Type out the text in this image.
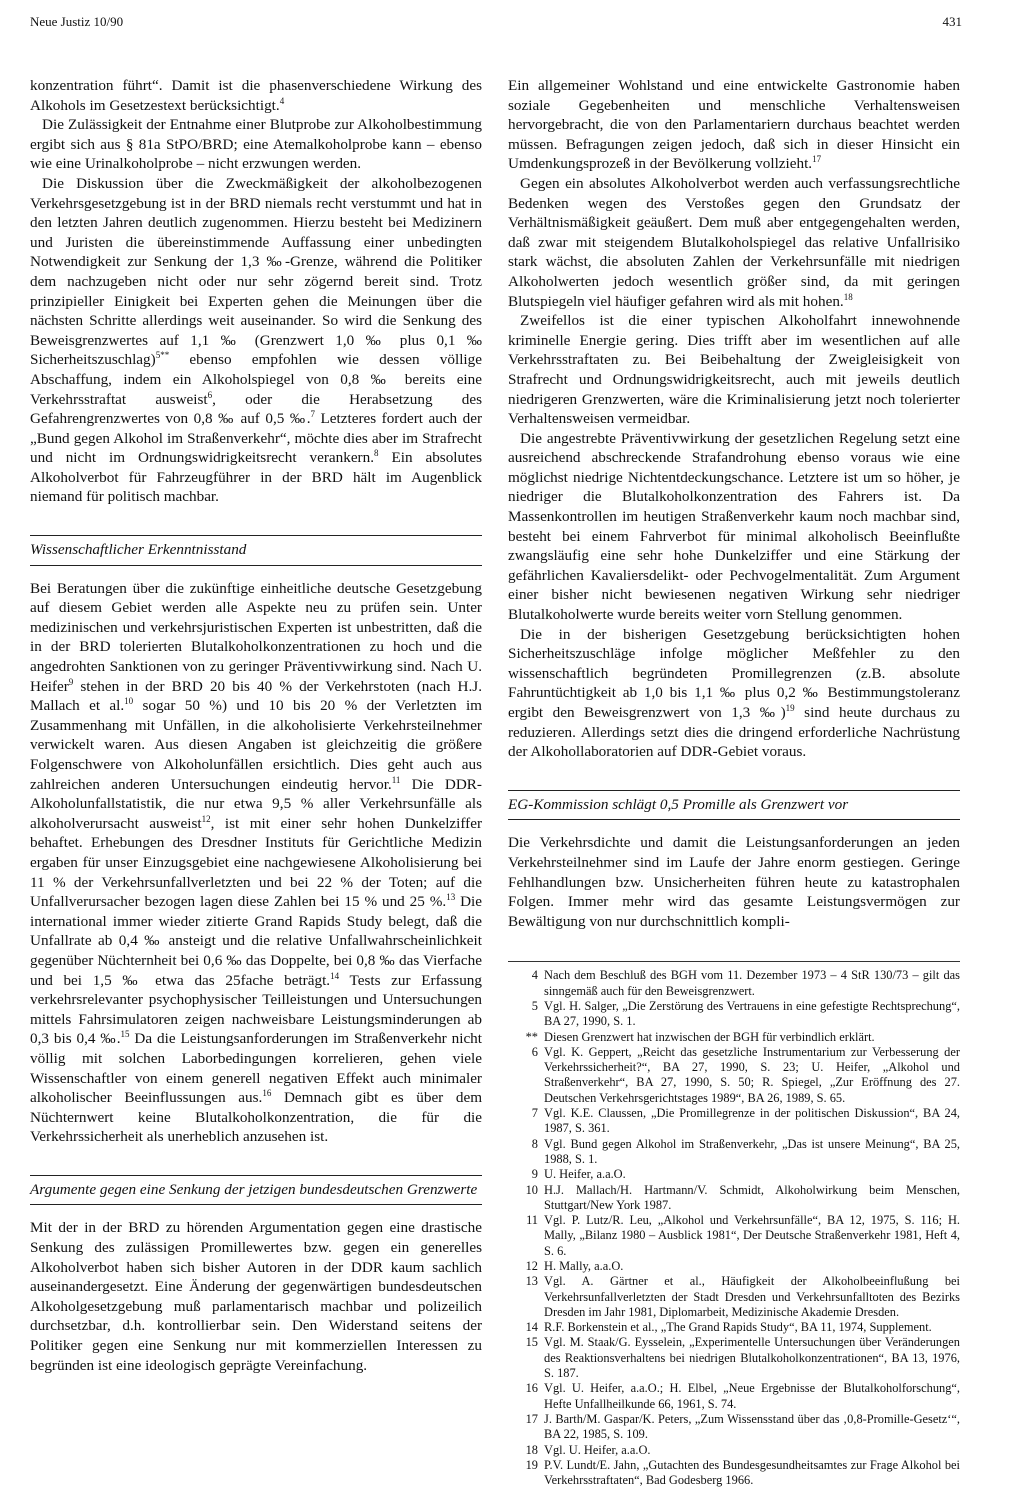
Neue Justiz 10/90	431

konzentration führt“. Damit ist die phasenverschiedene Wirkung des Alkohols im Gesetzestext berücksichtigt.$^4$

Die Zulässigkeit der Entnahme einer Blutprobe zur Alkoholbestimmung ergibt sich aus § 81a StPO/BRD; eine Atemalkoholprobe kann – ebenso wie eine Urinalkoholprobe – nicht erzwungen werden.

Die Diskussion über die Zweckmäßigkeit der alkoholbezogenen Verkehrsgesetzgebung ist in der BRD niemals recht verstummt und hat in den letzten Jahren deutlich zugenommen. Hierzu besteht bei Medizinern und Juristen die übereinstimmende Auffassung einer unbedingten Notwendigkeit zur Senkung der 1,3 ‰-Grenze, während die Politiker dem nachzugeben nicht oder nur sehr zögernd bereit sind. Trotz prinzipieller Einigkeit bei Experten gehen die Meinungen über die nächsten Schritte allerdings weit auseinander. So wird die Senkung des Beweisgrenzwertes auf 1,1 ‰ (Grenzwert 1,0 ‰ plus 0,1 ‰ Sicherheitszuschlag)$^{5**}$ ebenso empfohlen wie dessen völlige Abschaffung, indem ein Alkoholspiegel von 0,8 ‰ bereits eine Verkehrsstraftat ausweist$^6$, oder die Herabsetzung des Gefahrengrenzwertes von 0,8 ‰ auf 0,5 ‰.$^7$ Letzteres fordert auch der „Bund gegen Alkohol im Straßenverkehr“, möchte dies aber im Strafrecht und nicht im Ordnungswidrigkeitsrecht verankern.$^8$ Ein absolutes Alkoholverbot für Fahrzeugführer in der BRD hält im Augenblick niemand für politisch machbar.

Wissenschaftlicher Erkenntnisstand

Bei Beratungen über die zukünftige einheitliche deutsche Gesetzgebung auf diesem Gebiet werden alle Aspekte neu zu prüfen sein. Unter medizinischen und verkehrsjuristischen Experten ist unbestritten, daß die in der BRD tolerierten Blutalkoholkonzentrationen zu hoch und die angedrohten Sanktionen von zu geringer Präventivwirkung sind. Nach U. Heifer$^9$ stehen in der BRD 20 bis 40 % der Verkehrstoten (nach H.J. Mallach et al.$^{10}$ sogar 50 %) und 10 bis 20 % der Verletzten im Zusammenhang mit Unfällen, in die alkoholisierte Verkehrsteilnehmer verwickelt waren. Aus diesen Angaben ist gleichzeitig die größere Folgenschwere von Alkoholunfällen ersichtlich. Dies geht auch aus zahlreichen anderen Untersuchungen eindeutig hervor.$^{11}$ Die DDR-Alkoholunfallstatistik, die nur etwa 9,5 % aller Verkehrsunfälle als alkoholverursacht ausweist$^{12}$, ist mit einer sehr hohen Dunkelziffer behaftet. Erhebungen des Dresdner Instituts für Gerichtliche Medizin ergaben für unser Einzugsgebiet eine nachgewiesene Alkoholisierung bei 11 % der Verkehrsunfallverletzten und bei 22 % der Toten; auf die Unfallverursacher bezogen lagen diese Zahlen bei 15 % und 25 %.$^{13}$ Die international immer wieder zitierte Grand Rapids Study belegt, daß die Unfallrate ab 0,4 ‰ ansteigt und die relative Unfallwahrscheinlichkeit gegenüber Nüchternheit bei 0,6 ‰ das Doppelte, bei 0,8 ‰ das Vierfache und bei 1,5 ‰ etwa das 25fache beträgt.$^{14}$ Tests zur Erfassung verkehrsrelevanter psychophysischer Teilleistungen und Untersuchungen mittels Fahrsimulatoren zeigen nachweisbare Leistungsminderungen ab 0,3 bis 0,4 ‰.$^{15}$ Da die Leistungsanforderungen im Straßenverkehr nicht völlig mit solchen Laborbedingungen korrelieren, gehen viele Wissenschaftler von einem generell negativen Effekt auch minimaler alkoholischer Beeinflussungen aus.$^{16}$ Demnach gibt es über dem Nüchternwert keine Blutalkoholkonzentration, die für die Verkehrssicherheit als unerheblich anzusehen ist.

Argumente gegen eine Senkung der jetzigen bundesdeutschen Grenzwerte

Mit der in der BRD zu hörenden Argumentation gegen eine drastische Senkung des zulässigen Promillewertes bzw. gegen ein generelles Alkoholverbot haben sich bisher Autoren in der DDR kaum sachlich auseinandergesetzt. Eine Änderung der gegenwärtigen bundesdeutschen Alkoholgesetzgebung muß parlamentarisch machbar und polizeilich durchsetzbar, d.h. kontrollierbar sein. Den Widerstand seitens der Politiker gegen eine Senkung nur mit kommerziellen Interessen zu begründen ist eine ideologisch geprägte Vereinfachung.

Ein allgemeiner Wohlstand und eine entwickelte Gastronomie haben soziale Gegebenheiten und menschliche Verhaltensweisen hervorgebracht, die von den Parlamentariern durchaus beachtet werden müssen. Befragungen zeigen jedoch, daß sich in dieser Hinsicht ein Umdenkungsprozeß in der Bevölkerung vollzieht.$^{17}$

Gegen ein absolutes Alkoholverbot werden auch verfassungsrechtliche Bedenken wegen des Verstoßes gegen den Grundsatz der Verhältnismäßigkeit geäußert. Dem muß aber entgegengehalten werden, daß zwar mit steigendem Blutalkoholspiegel das relative Unfallrisiko stark wächst, die absoluten Zahlen der Verkehrsunfälle mit niedrigen Alkoholwerten jedoch wesentlich größer sind, da mit geringen Blutspiegeln viel häufiger gefahren wird als mit hohen.$^{18}$

Zweifellos ist die einer typischen Alkoholfahrt innewohnende kriminelle Energie gering. Dies trifft aber im wesentlichen auf alle Verkehrsstraftaten zu. Bei Beibehaltung der Zweigleisigkeit von Strafrecht und Ordnungswidrigkeitsrecht, auch mit jeweils deutlich niedrigeren Grenzwerten, wäre die Kriminalisierung jetzt noch tolerierter Verhaltensweisen vermeidbar.

Die angestrebte Präventivwirkung der gesetzlichen Regelung setzt eine ausreichend abschreckende Strafandrohung ebenso voraus wie eine möglichst niedrige Nichtentdeckungschance. Letztere ist um so höher, je niedriger die Blutalkoholkonzentration des Fahrers ist. Da Massenkontrollen im heutigen Straßenverkehr kaum noch machbar sind, besteht bei einem Fahrverbot für minimal alkoholisch Beeinflußte zwangsläufig eine sehr hohe Dunkelziffer und eine Stärkung der gefährlichen Kavaliersdelikt- oder Pechvogelmentalität. Zum Argument einer bisher nicht bewiesenen negativen Wirkung sehr niedriger Blutalkoholwerte wurde bereits weiter vorn Stellung genommen.

Die in der bisherigen Gesetzgebung berücksichtigten hohen Sicherheitszuschläge infolge möglicher Meßfehler zu den wissenschaftlich begründeten Promillegrenzen (z.B. absolute Fahruntüchtigkeit ab 1,0 bis 1,1 ‰ plus 0,2 ‰ Bestimmungstoleranz ergibt den Beweisgrenzwert von 1,3 ‰)$^{19}$ sind heute durchaus zu reduzieren. Allerdings setzt dies die dringend erforderliche Nachrüstung der Alkohollaboratorien auf DDR-Gebiet voraus.

EG-Kommission schlägt 0,5 Promille als Grenzwert vor

Die Verkehrsdichte und damit die Leistungsanforderungen an jeden Verkehrsteilnehmer sind im Laufe der Jahre enorm gestiegen. Geringe Fehlhandlungen bzw. Unsicherheiten führen heute zu katastrophalen Folgen. Immer mehr wird das gesamte Leistungsvermögen zur Bewältigung von nur durchschnittlich kompli-

4 Nach dem Beschluß des BGH vom 11. Dezember 1973 – 4 StR 130/73 – gilt das sinngemäß auch für den Beweisgrenzwert.
5 Vgl. H. Salger, „Die Zerstörung des Vertrauens in eine gefestigte Rechtsprechung“, BA 27, 1990, S. 1.
** Diesen Grenzwert hat inzwischen der BGH für verbindlich erklärt.
6 Vgl. K. Geppert, „Reicht das gesetzliche Instrumentarium zur Verbesserung der Verkehrssicherheit?“, BA 27, 1990, S. 23; U. Heifer, „Alkohol und Straßenverkehr“, BA 27, 1990, S. 50; R. Spiegel, „Zur Eröffnung des 27. Deutschen Verkehrsgerichtstages 1989“, BA 26, 1989, S. 65.
7 Vgl. K.E. Claussen, „Die Promillegrenze in der politischen Diskussion“, BA 24, 1987, S. 361.
8 Vgl. Bund gegen Alkohol im Straßenverkehr, „Das ist unsere Meinung“, BA 25, 1988, S. 1.
9 U. Heifer, a.a.O.
10 H.J. Mallach/H. Hartmann/V. Schmidt, Alkoholwirkung beim Menschen, Stuttgart/New York 1987.
11 Vgl. P. Lutz/R. Leu, „Alkohol und Verkehrsunfälle“, BA 12, 1975, S. 116; H. Mally, „Bilanz 1980 – Ausblick 1981“, Der Deutsche Straßenverkehr 1981, Heft 4, S. 6.
12 H. Mally, a.a.O.
13 Vgl. A. Gärtner et al., Häufigkeit der Alkoholbeeinflußung bei Verkehrsunfallverletzten der Stadt Dresden und Verkehrsunfalltoten des Bezirks Dresden im Jahr 1981, Diplomarbeit, Medizinische Akademie Dresden.
14 R.F. Borkenstein et al., „The Grand Rapids Study“, BA 11, 1974, Supplement.
15 Vgl. M. Staak/G. Eysselein, „Experimentelle Untersuchungen über Veränderungen des Reaktionsverhaltens bei niedrigen Blutalkoholkonzentrationen“, BA 13, 1976, S. 187.
16 Vgl. U. Heifer, a.a.O.; H. Elbel, „Neue Ergebnisse der Blutalkoholforschung“, Hefte Unfallheilkunde 66, 1961, S. 74.
17 J. Barth/M. Gaspar/K. Peters, „Zum Wissensstand über das ‚0,8-Promille-Gesetz‘“, BA 22, 1985, S. 109.
18 Vgl. U. Heifer, a.a.O.
19 P.V. Lundt/E. Jahn, „Gutachten des Bundesgesundheitsamtes zur Frage Alkohol bei Verkehrsstraftaten“, Bad Godesberg 1966.
